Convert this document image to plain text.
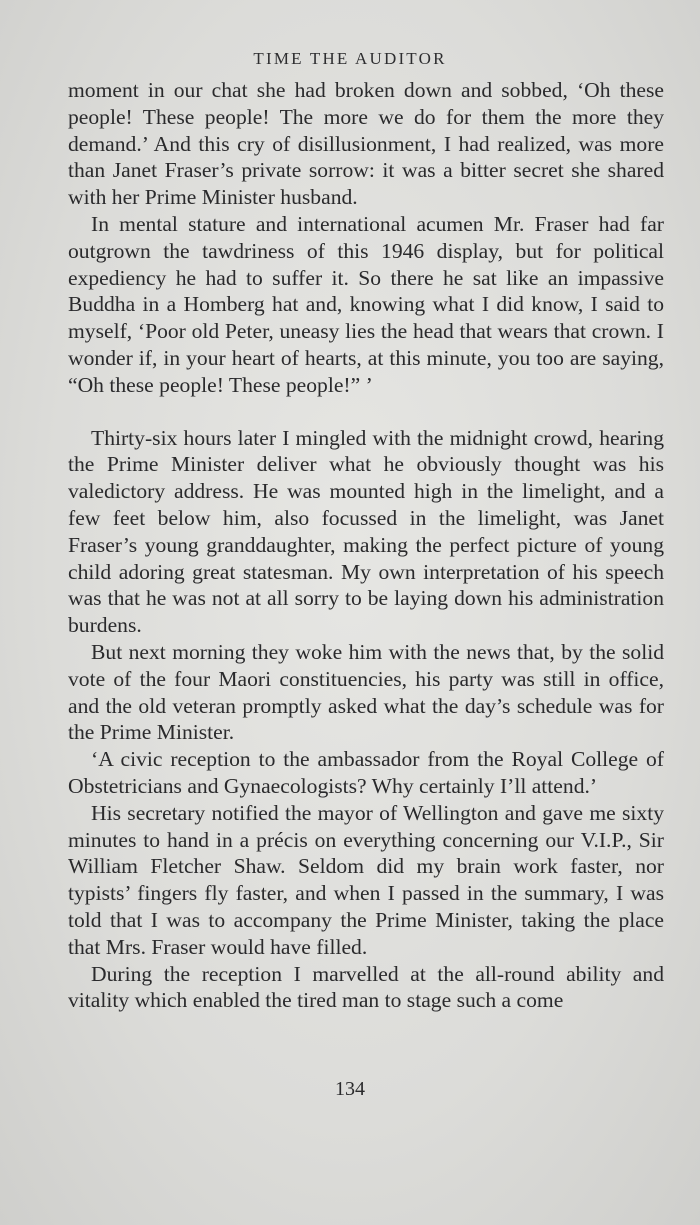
TIME THE AUDITOR

moment in our chat she had broken down and sobbed, ‘Oh these people! These people! The more we do for them the more they demand.’ And this cry of disillusionment, I had realized, was more than Janet Fraser’s private sorrow: it was a bitter secret she shared with her Prime Minister husband.

In mental stature and international acumen Mr. Fraser had far outgrown the tawdriness of this 1946 display, but for political expediency he had to suffer it. So there he sat like an impassive Buddha in a Homberg hat and, knowing what I did know, I said to myself, ‘Poor old Peter, uneasy lies the head that wears that crown. I wonder if, in your heart of hearts, at this minute, you too are saying, “Oh these people! These people!” ’

Thirty-six hours later I mingled with the midnight crowd, hearing the Prime Minister deliver what he obviously thought was his valedictory address. He was mounted high in the limelight, and a few feet below him, also focussed in the limelight, was Janet Fraser’s young granddaughter, making the perfect picture of young child adoring great statesman. My own interpretation of his speech was that he was not at all sorry to be laying down his administration burdens.

But next morning they woke him with the news that, by the solid vote of the four Maori constituencies, his party was still in office, and the old veteran promptly asked what the day’s schedule was for the Prime Minister.

‘A civic reception to the ambassador from the Royal College of Obstetricians and Gynaecologists? Why certainly I’ll attend.’

His secretary notified the mayor of Wellington and gave me sixty minutes to hand in a précis on everything concerning our V.I.P., Sir William Fletcher Shaw. Seldom did my brain work faster, nor typists’ fingers fly faster, and when I passed in the summary, I was told that I was to accompany the Prime Minister, taking the place that Mrs. Fraser would have filled.

During the reception I marvelled at the all-round ability and vitality which enabled the tired man to stage such a come

134
